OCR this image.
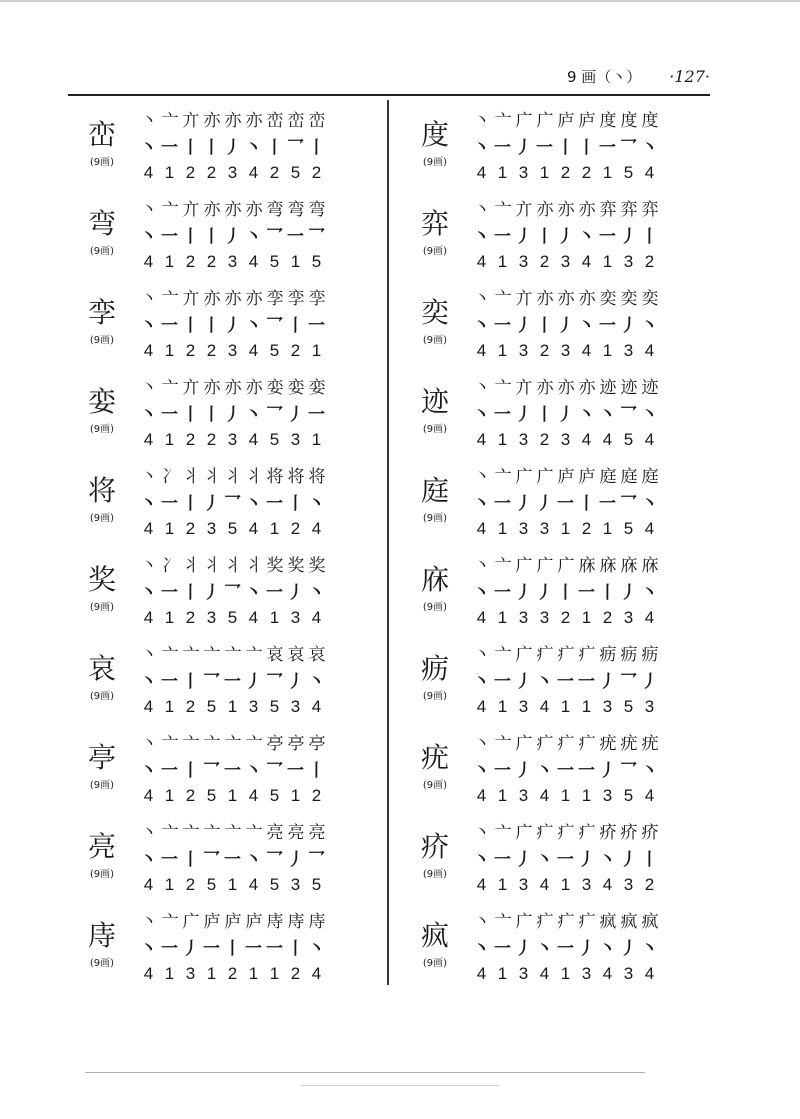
9 画（丶） ·127·
峦
(9画)
丶 亠 亣 亦 亦 亦 峦 峦 峦
丶 一 丨 丨 丿 丶 丨 乛 丨
4 1 2 2 3 4 2 5 2
弯
(9画)
丶 亠 亣 亦 亦 亦 弯 弯 弯
丶 一 丨 丨 丿 丶 乛 一 乛
4 1 2 2 3 4 5 1 5
孪
(9画)
丶 亠 亣 亦 亦 亦 孪 孪 孪
丶 一 丨 丨 丿 丶 乛 丨 一
4 1 2 2 3 4 5 2 1
娈
(9画)
丶 亠 亣 亦 亦 亦 娈 娈 娈
丶 一 丨 丨 丿 丶 乛 丿 一
4 1 2 2 3 4 5 3 1
将
(9画)
丶 冫 丬 丬 丬 丬 将 将 将
丶 一 丨 丿 乛 丶 一 丨 丶
4 1 2 3 5 4 1 2 4
奖
(9画)
丶 冫 丬 丬 丬 丬 奖 奖 奖
丶 一 丨 丿 乛 丶 一 丿 丶
4 1 2 3 5 4 1 3 4
哀
(9画)
丶 亠 亠 亠 亠 亠 哀 哀 哀
丶 一 丨 乛 一 丿 乛 丿 丶
4 1 2 5 1 3 5 3 4
亭
(9画)
丶 亠 亠 亠 亠 亠 亭 亭 亭
丶 一 丨 乛 一 丶 乛 一 丨
4 1 2 5 1 4 5 1 2
亮
(9画)
丶 亠 亠 亠 亠 亠 亮 亮 亮
丶 一 丨 乛 一 丶 乛 丿 乛
4 1 2 5 1 4 5 3 5
庤
(9画)
丶 亠 广 庐 庐 庐 庤 庤 庤
丶 一 丿 一 丨 一 一 丨 丶
4 1 3 1 2 1 1 2 4
度
(9画)
丶 亠 广 广 庐 庐 度 度 度
丶 一 丿 一 丨 丨 一 乛 丶
4 1 3 1 2 2 1 5 4
弈
(9画)
丶 亠 亣 亦 亦 亦 弈 弈 弈
丶 一 丿 丨 丿 丶 一 丿 丨
4 1 3 2 3 4 1 3 2
奕
(9画)
丶 亠 亣 亦 亦 亦 奕 奕 奕
丶 一 丿 丨 丿 丶 一 丿 丶
4 1 3 2 3 4 1 3 4
迹
(9画)
丶 亠 亣 亦 亦 亦 迹 迹 迹
丶 一 丿 丨 丿 丶 丶 乛 丶
4 1 3 2 3 4 4 5 4
庭
(9画)
丶 亠 广 广 庐 庐 庭 庭 庭
丶 一 丿 丿 一 丨 一 乛 丶
4 1 3 3 1 2 1 5 4
庥
(9画)
丶 亠 广 广 广 庥 庥 庥 庥
丶 一 丿 丿 丨 一 丨 丿 丶
4 1 3 3 2 1 2 3 4
疬
(9画)
丶 亠 广 疒 疒 疒 疬 疬 疬
丶 一 丿 丶 一 一 丿 乛 丿
4 1 3 4 1 1 3 5 3
疣
(9画)
丶 亠 广 疒 疒 疒 疣 疣 疣
丶 一 丿 丶 一 一 丿 乛 丶
4 1 3 4 1 1 3 5 4
疥
(9画)
丶 亠 广 疒 疒 疒 疥 疥 疥
丶 一 丿 丶 一 丿 丶 丿 丨
4 1 3 4 1 3 4 3 2
疯
(9画)
丶 亠 广 疒 疒 疒 疯 疯 疯
丶 一 丿 丶 一 丿 丶 丿 丶
4 1 3 4 1 3 4 3 4
